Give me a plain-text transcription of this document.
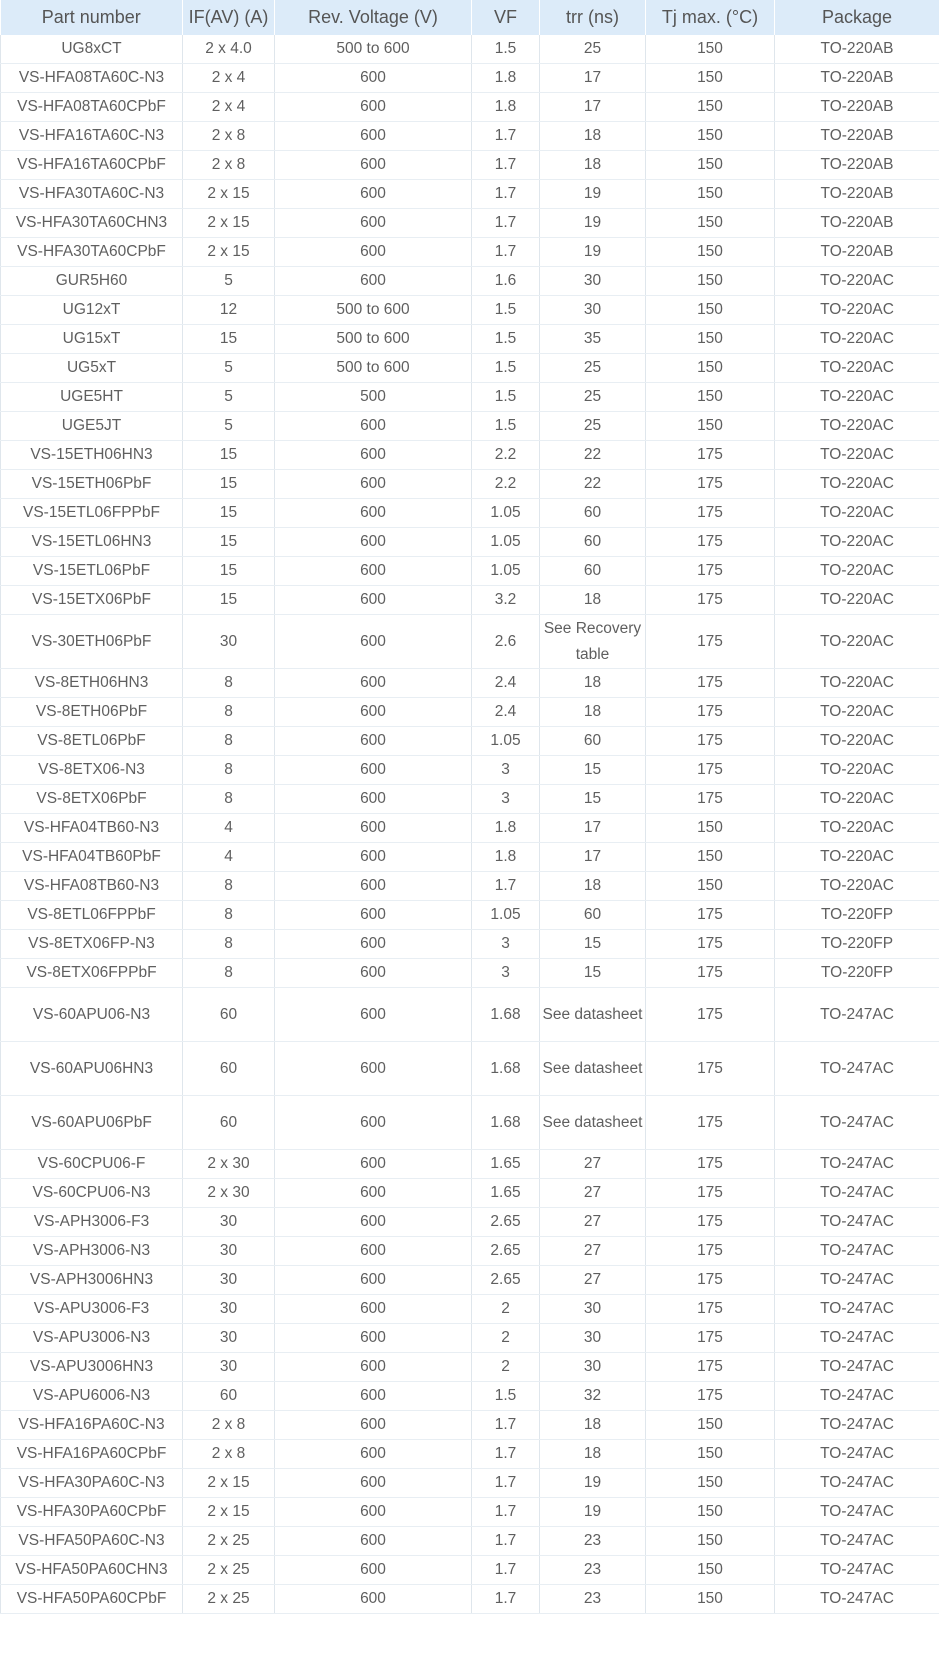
Part number	IF(AV) (A)	Rev. Voltage (V)	VF	trr (ns)	Tj max. (°C)	Package
UG8xCT	2 x 4.0	500 to 600	1.5	25	150	TO-220AB
VS-HFA08TA60C-N3	2 x 4	600	1.8	17	150	TO-220AB
VS-HFA08TA60CPbF	2 x 4	600	1.8	17	150	TO-220AB
VS-HFA16TA60C-N3	2 x 8	600	1.7	18	150	TO-220AB
VS-HFA16TA60CPbF	2 x 8	600	1.7	18	150	TO-220AB
VS-HFA30TA60C-N3	2 x 15	600	1.7	19	150	TO-220AB
VS-HFA30TA60CHN3	2 x 15	600	1.7	19	150	TO-220AB
VS-HFA30TA60CPbF	2 x 15	600	1.7	19	150	TO-220AB
GUR5H60	5	600	1.6	30	150	TO-220AC
UG12xT	12	500 to 600	1.5	30	150	TO-220AC
UG15xT	15	500 to 600	1.5	35	150	TO-220AC
UG5xT	5	500 to 600	1.5	25	150	TO-220AC
UGE5HT	5	500	1.5	25	150	TO-220AC
UGE5JT	5	600	1.5	25	150	TO-220AC
VS-15ETH06HN3	15	600	2.2	22	175	TO-220AC
VS-15ETH06PbF	15	600	2.2	22	175	TO-220AC
VS-15ETL06FPPbF	15	600	1.05	60	175	TO-220AC
VS-15ETL06HN3	15	600	1.05	60	175	TO-220AC
VS-15ETL06PbF	15	600	1.05	60	175	TO-220AC
VS-15ETX06PbF	15	600	3.2	18	175	TO-220AC
VS-30ETH06PbF	30	600	2.6	See Recovery table	175	TO-220AC
VS-8ETH06HN3	8	600	2.4	18	175	TO-220AC
VS-8ETH06PbF	8	600	2.4	18	175	TO-220AC
VS-8ETL06PbF	8	600	1.05	60	175	TO-220AC
VS-8ETX06-N3	8	600	3	15	175	TO-220AC
VS-8ETX06PbF	8	600	3	15	175	TO-220AC
VS-HFA04TB60-N3	4	600	1.8	17	150	TO-220AC
VS-HFA04TB60PbF	4	600	1.8	17	150	TO-220AC
VS-HFA08TB60-N3	8	600	1.7	18	150	TO-220AC
VS-8ETL06FPPbF	8	600	1.05	60	175	TO-220FP
VS-8ETX06FP-N3	8	600	3	15	175	TO-220FP
VS-8ETX06FPPbF	8	600	3	15	175	TO-220FP
VS-60APU06-N3	60	600	1.68	See datasheet	175	TO-247AC
VS-60APU06HN3	60	600	1.68	See datasheet	175	TO-247AC
VS-60APU06PbF	60	600	1.68	See datasheet	175	TO-247AC
VS-60CPU06-F	2 x 30	600	1.65	27	175	TO-247AC
VS-60CPU06-N3	2 x 30	600	1.65	27	175	TO-247AC
VS-APH3006-F3	30	600	2.65	27	175	TO-247AC
VS-APH3006-N3	30	600	2.65	27	175	TO-247AC
VS-APH3006HN3	30	600	2.65	27	175	TO-247AC
VS-APU3006-F3	30	600	2	30	175	TO-247AC
VS-APU3006-N3	30	600	2	30	175	TO-247AC
VS-APU3006HN3	30	600	2	30	175	TO-247AC
VS-APU6006-N3	60	600	1.5	32	175	TO-247AC
VS-HFA16PA60C-N3	2 x 8	600	1.7	18	150	TO-247AC
VS-HFA16PA60CPbF	2 x 8	600	1.7	18	150	TO-247AC
VS-HFA30PA60C-N3	2 x 15	600	1.7	19	150	TO-247AC
VS-HFA30PA60CPbF	2 x 15	600	1.7	19	150	TO-247AC
VS-HFA50PA60C-N3	2 x 25	600	1.7	23	150	TO-247AC
VS-HFA50PA60CHN3	2 x 25	600	1.7	23	150	TO-247AC
VS-HFA50PA60CPbF	2 x 25	600	1.7	23	150	TO-247AC
